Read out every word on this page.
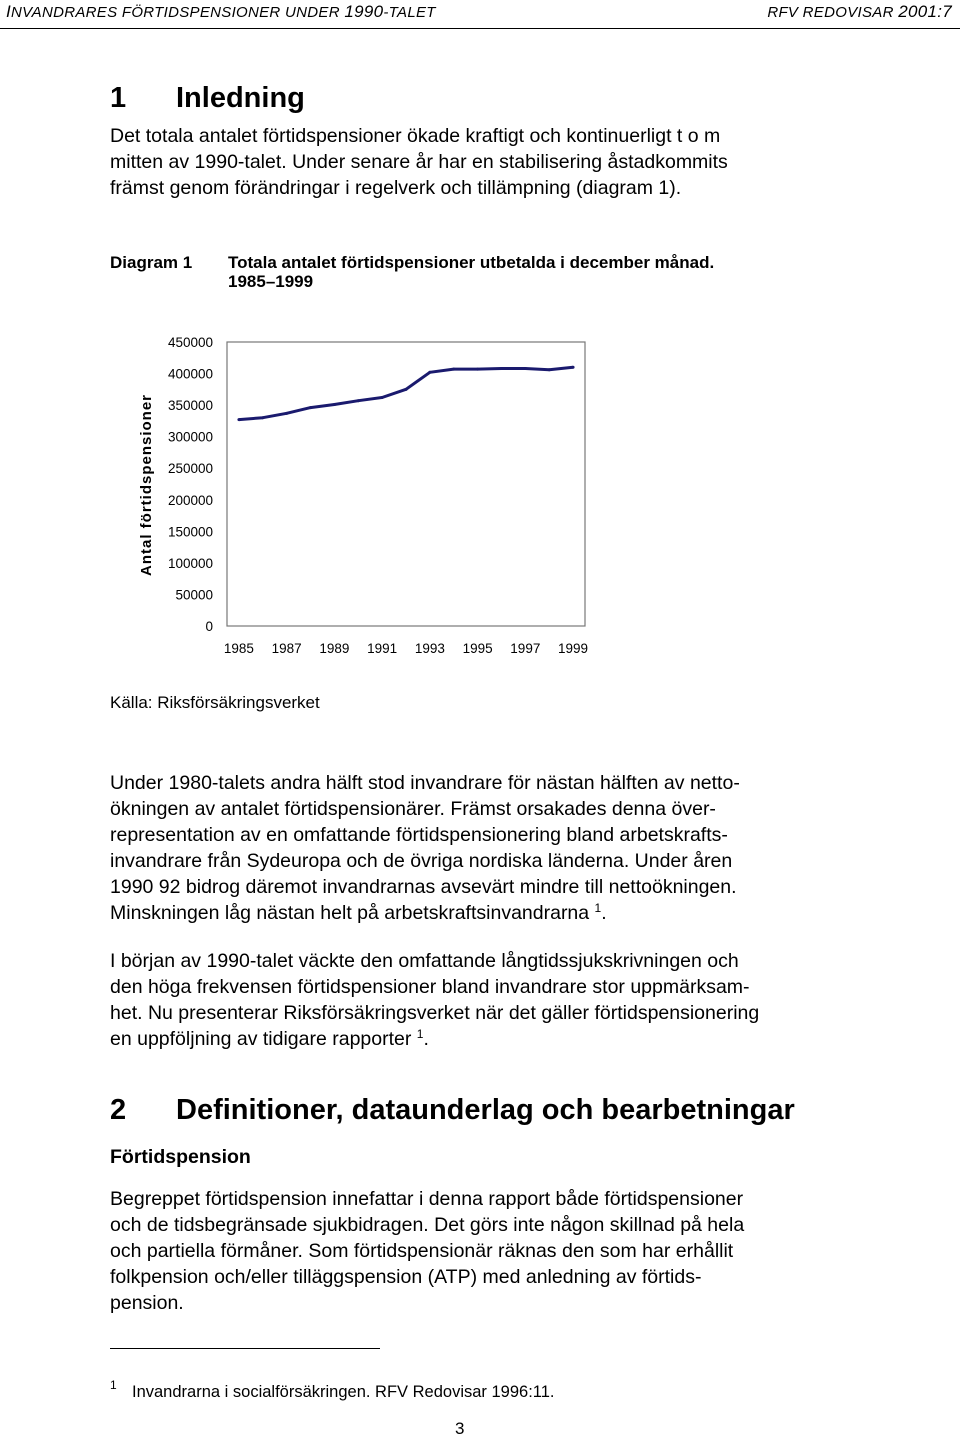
INVANDRARES FÖRTIDSPENSIONER UNDER 1990-TALET	RFV REDOVISAR 2001:7
1 Inledning

Det totala antalet förtidspensioner ökade kraftigt och kontinuerligt t o m
mitten av 1990-talet. Under senare år har en stabilisering åstadkommits
främst genom förändringar i regelverk och tillämpning (diagram 1).

Diagram 1 Totala antalet förtidspensioner utbetalda i december månad.
1985–1999
0
50000
100000
150000
200000
250000
300000
350000
400000
450000
1985 1987 1989 1991 1993 1995 1997 1999
Antal förtidspensioner
Källa: Riksförsäkringsverket

Under 1980-talets andra hälft stod invandrare för nästan hälften av netto-
ökningen av antalet förtidspensionärer. Främst orsakades denna över-
representation av en omfattande förtidspensionering bland arbetskrafts-
invandrare från Sydeuropa och de övriga nordiska länderna. Under åren
1990 92 bidrog däremot invandrarnas avsevärt mindre till nettoökningen.
Minskningen låg nästan helt på arbetskraftsinvandrarna $^1$.

I början av 1990-talet väckte den omfattande långtidssjukskrivningen och
den höga frekvensen förtidspensioner bland invandrare stor uppmärksam-
het. Nu presenterar Riksförsäkringsverket när det gäller förtidspensionering
en uppföljning av tidigare rapporter $^1$.

2 Definitioner, dataunderlag och bearbetningar
Förtidspension

Begreppet förtidspension innefattar i denna rapport både förtidspensioner
och de tidsbegränsade sjukbidragen. Det görs inte någon skillnad på hela
och partiella förmåner. Som förtidspensionär räknas den som har erhållit
folkpension och/eller tilläggspension (ATP) med anledning av förtids-
pension.

1 Invandrarna i socialförsäkringen. RFV Redovisar 1996:11.
3
